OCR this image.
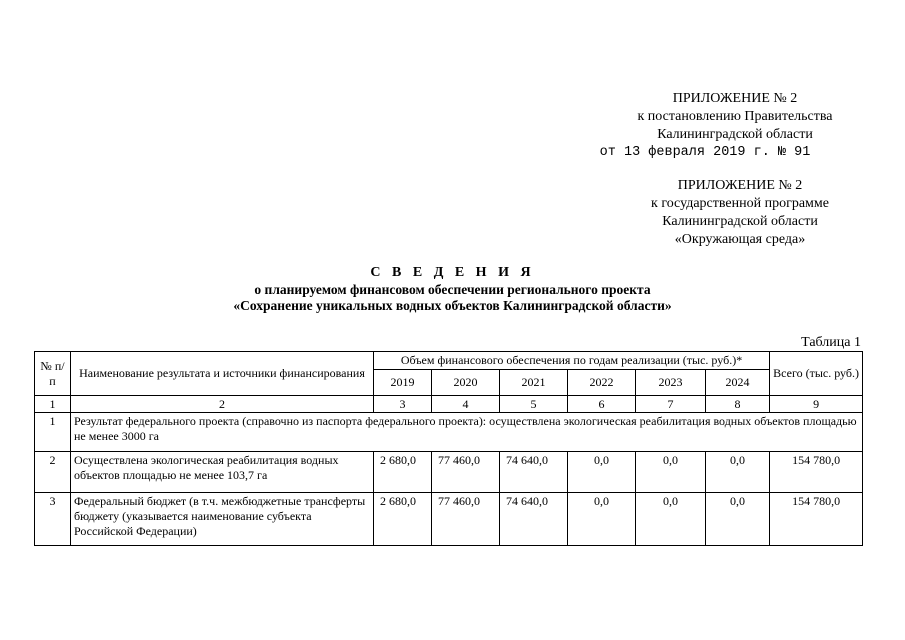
ПРИЛОЖЕНИЕ № 2
к постановлению Правительства
Калининградской области
от 13 февраля 2019 г. № 91
ПРИЛОЖЕНИЕ № 2
к государственной программе
Калининградской области
«Окружающая среда»
С В Е Д Е Н И Я
о планируемом финансовом обеспечении регионального проекта
«Сохранение уникальных водных объектов Калининградской области»
Таблица 1
№ п/п	Наименование результата и источники финансирования	Объем финансового обеспечения по годам реализации (тыс. руб.)*						Всего (тыс. руб.)
		2019	2020	2021	2022	2023	2024	
1	2	3	4	5	6	7	8	9
1	Результат федерального проекта (справочно из паспорта федерального проекта): осуществлена экологическая реабилитация водных объектов площадью не менее 3000 га							
2	Осуществлена экологическая реабилитация водных объектов площадью не менее 103,7 га	2 680,0	77 460,0	74 640,0	0,0	0,0	0,0	154 780,0
3	Федеральный бюджет (в т.ч. межбюджетные трансферты бюджету (указывается наименование субъекта Российской Федерации)	2 680,0	77 460,0	74 640,0	0,0	0,0	0,0	154 780,0
